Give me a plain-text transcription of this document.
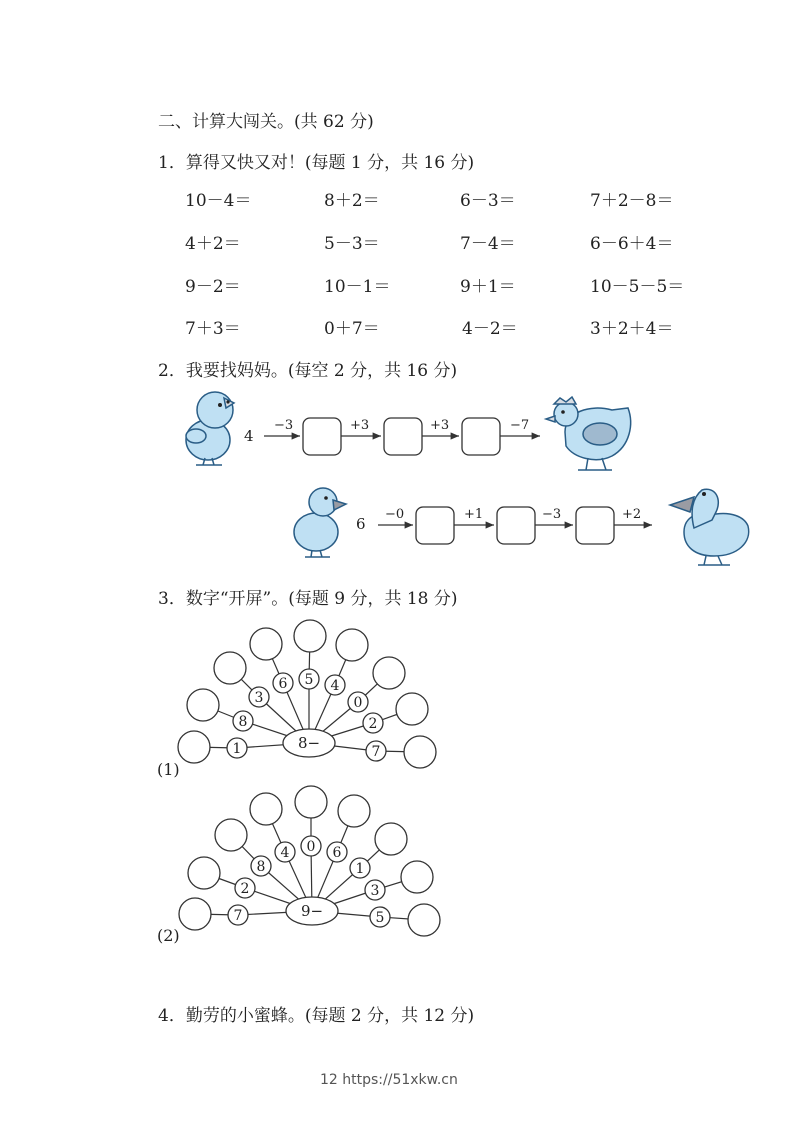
二、计算大闯关。(共 62 分)
1．算得又快又对！(每题 1 分，共 16 分)
10－4＝	8＋2＝	6－3＝	7＋2－8＝
4＋2＝	5－3＝	7－4＝	6－6＋4＝
9－2＝	10－1＝	9＋1＝	10－5－5＝
7＋3＝	0＋7＝	4－2＝	3＋2＋4＝
2．我要找妈妈。(每空 2 分，共 16 分)
3．数字“开屏”。(每题 9 分，共 18 分)
4．勤劳的小蜜蜂。(每题 2 分，共 12 分)
12 https://51xkw.cn
4
−3	+3	+3	−7
6
−0	+1	−3	+2
1
8
3
6 5 4
0
2
7
8−
7
2
8
4 0 6
1
3
5
9−
(1)
(2)
